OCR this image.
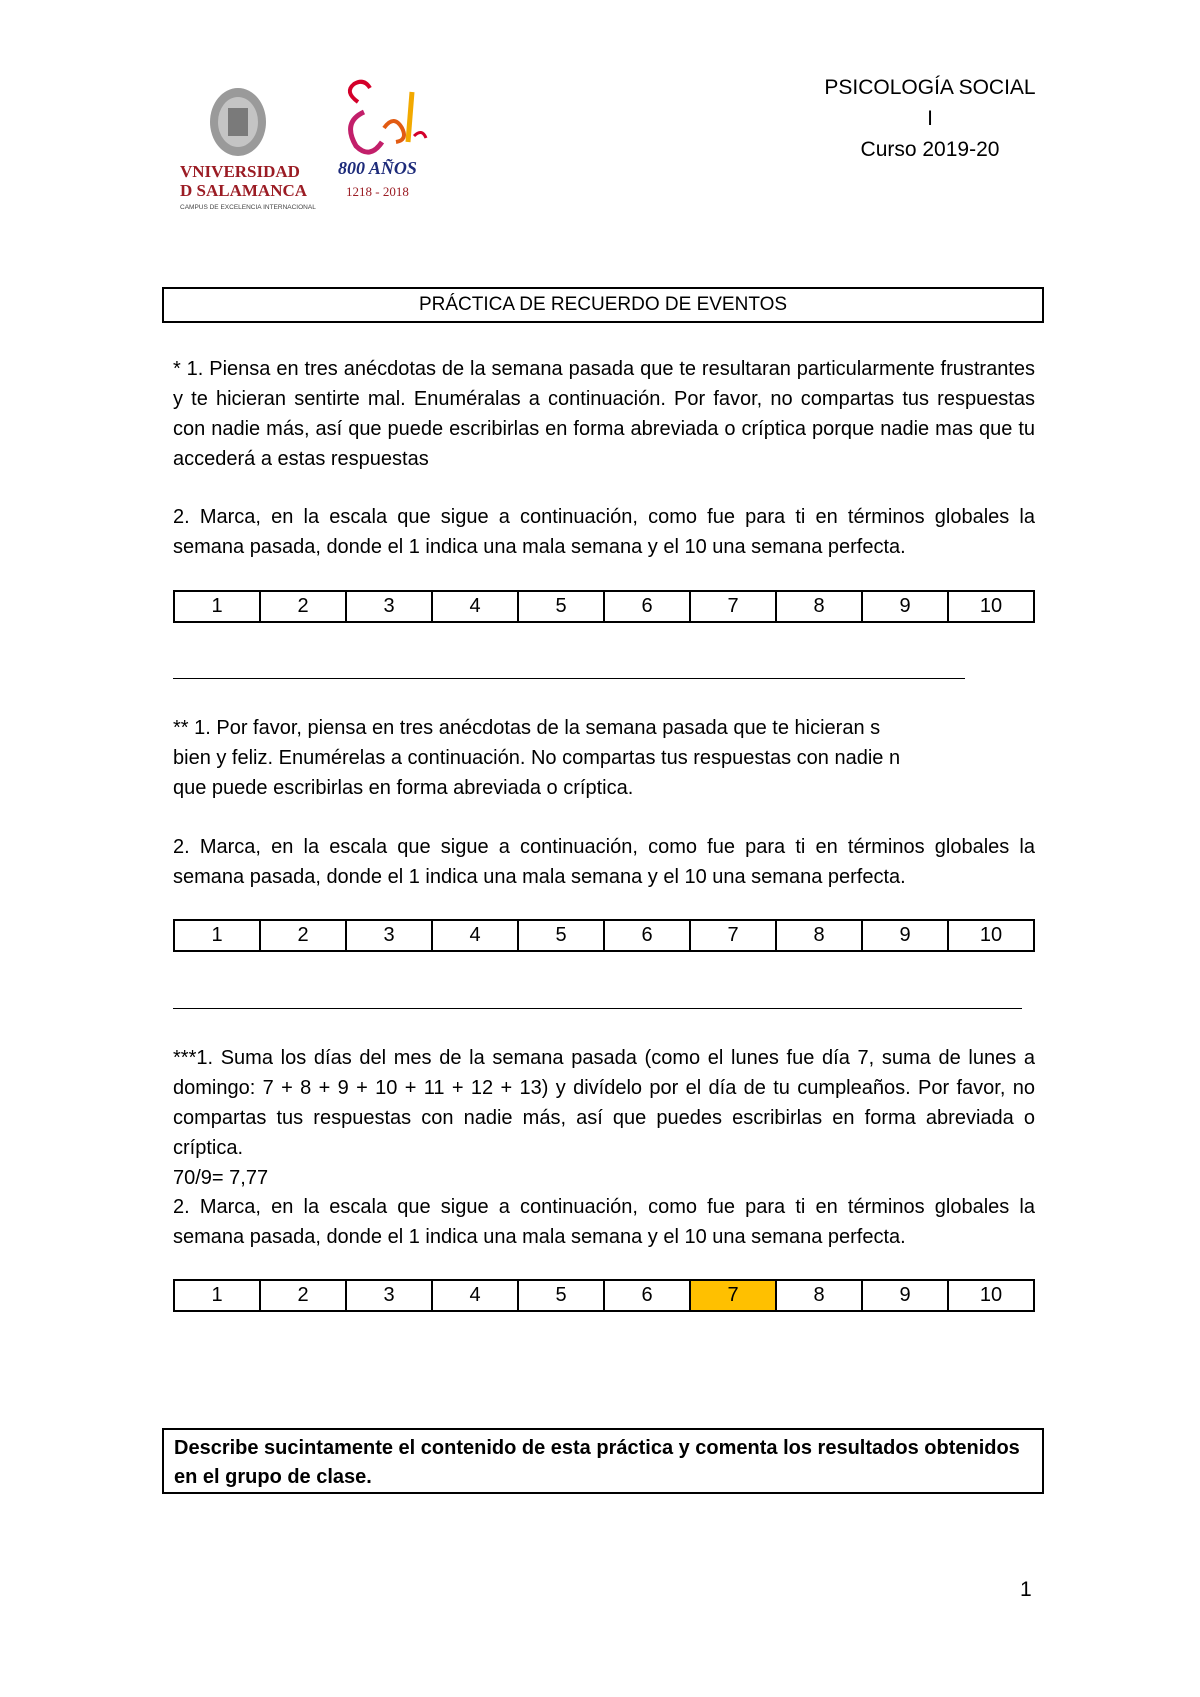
VNIVERSIDAD
D SALAMANCA
CAMPUS DE EXCELENCIA INTERNACIONAL
800 AÑOS
1218 - 2018
PSICOLOGÍA SOCIAL I
Curso 2019-20
PRÁCTICA DE RECUERDO DE EVENTOS

* 1. Piensa en tres anécdotas de la semana pasada que te resultaran particularmente frustrantes y te hicieran sentirte mal. Enuméralas a continuación. Por favor, no compartas tus respuestas con nadie más, así que puede escribirlas en forma abreviada o críptica porque nadie mas que tu accederá a estas respuestas

2. Marca, en la escala que sigue a continuación, como fue para ti en términos globales la semana pasada, donde el 1 indica una mala semana y el 10 una semana perfecta.

1	2	3	4	5	6	7	8	9	10

** 1. Por favor, piensa en tres anécdotas de la semana pasada que te hicieran s

bien y feliz. Enumérelas a continuación. No compartas tus respuestas con nadie n

que puede escribirlas en forma abreviada o críptica.

2. Marca, en la escala que sigue a continuación, como fue para ti en términos globales la semana pasada, donde el 1 indica una mala semana y el 10 una semana perfecta.

1	2	3	4	5	6	7	8	9	10

***1. Suma los días del mes de la semana pasada (como el lunes fue día 7, suma de lunes a domingo: 7 + 8 + 9 + 10 + 11 + 12 + 13) y divídelo por el día de tu cumpleaños. Por favor, no compartas tus respuestas con nadie más, así que puedes escribirlas en forma abreviada o críptica.

70/9= 7,77

2. Marca, en la escala que sigue a continuación, como fue para ti en términos globales la semana pasada, donde el 1 indica una mala semana y el 10 una semana perfecta.

1	2	3	4	5	6	7	8	9	10
Describe sucintamente el contenido de esta práctica y comenta los resultados obtenidos en el grupo de clase.
1
